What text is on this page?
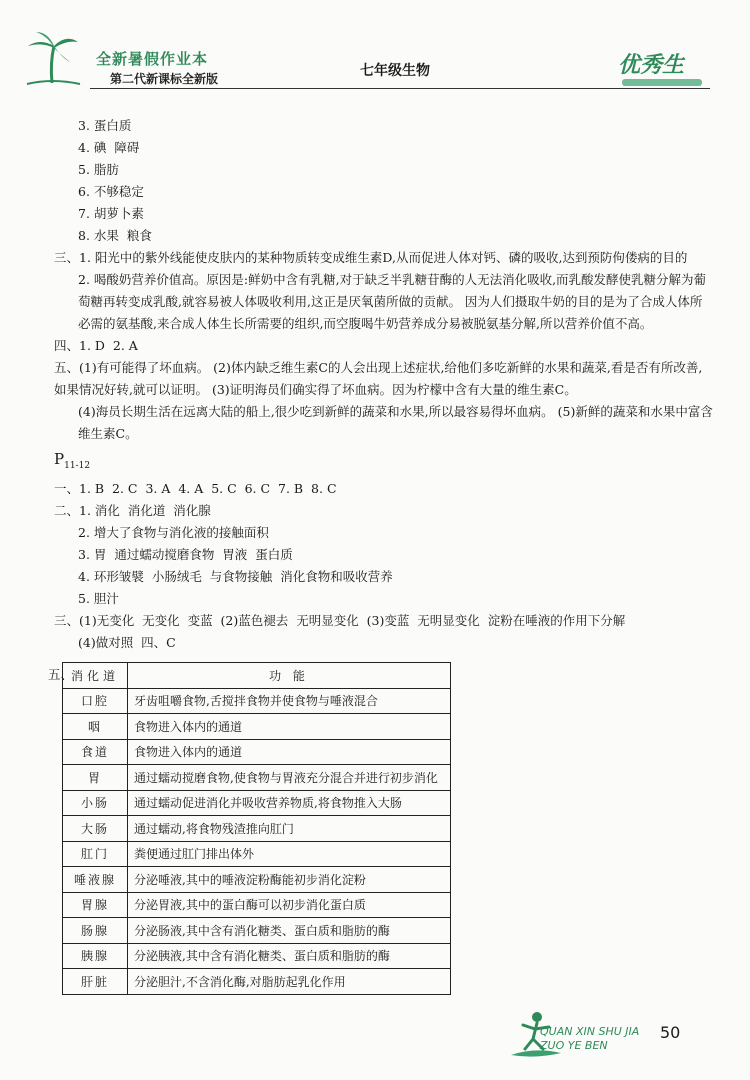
全新暑假作业本
第二代新课标全新版	七年级生物	优秀生
3. 蛋白质
4. 碘  障碍
5. 脂肪
6. 不够稳定
7. 胡萝卜素
8. 水果  粮食
三、1. 阳光中的紫外线能使皮肤内的某种物质转变成维生素D,从而促进人体对钙、磷的吸收,达到预防佝偻病的目的
2. 喝酸奶营养价值高。原因是:鲜奶中含有乳糖,对于缺乏半乳糖苷酶的人无法消化吸收,而乳酸发酵使乳糖分解为葡萄糖再转变成乳酸,就容易被人体吸收利用,这正是厌氧菌所做的贡献。 因为人们摄取牛奶的目的是为了合成人体所必需的氨基酸,来合成人体生长所需要的组织,而空腹喝牛奶营养成分易被脱氨基分解,所以营养价值不高。
四、1. D  2. A
五、(1)有可能得了坏血病。 (2)体内缺乏维生素C的人会出现上述症状,给他们多吃新鲜的水果和蔬菜,看是否有所改善,如果情况好转,就可以证明。 (3)证明海员们确实得了坏血病。因为柠檬中含有大量的维生素C。
(4)海员长期生活在远离大陆的船上,很少吃到新鲜的蔬菜和水果,所以最容易得坏血病。 (5)新鲜的蔬菜和水果中富含维生素C。
$P_{11-12}$
一、1. B  2. C  3. A  4. A  5. C  6. C  7. B  8. C
二、1. 消化  消化道  消化腺
2. 增大了食物与消化液的接触面积
3. 胃  通过蠕动搅磨食物  胃液  蛋白质
4. 环形皱襞  小肠绒毛  与食物接触  消化食物和吸收营养
5. 胆汁
三、(1)无变化  无变化  变蓝  (2)蓝色褪去  无明显变化  (3)变蓝  无明显变化  淀粉在唾液的作用下分解
(4)做对照  四、C
五、
消化道	功 能
口腔	牙齿咀嚼食物,舌搅拌食物并使食物与唾液混合
咽	食物进入体内的通道
食道	食物进入体内的通道
胃	通过蠕动搅磨食物,使食物与胃液充分混合并进行初步消化
小肠	通过蠕动促进消化并吸收营养物质,将食物推入大肠
大肠	通过蠕动,将食物残渣推向肛门
肛门	粪便通过肛门排出体外
唾液腺	分泌唾液,其中的唾液淀粉酶能初步消化淀粉
胃腺	分泌胃液,其中的蛋白酶可以初步消化蛋白质
肠腺	分泌肠液,其中含有消化糖类、蛋白质和脂肪的酶
胰腺	分泌胰液,其中含有消化糖类、蛋白质和脂肪的酶
肝脏	分泌胆汁,不含消化酶,对脂肪起乳化作用
QUAN XIN SHU JIA
ZUO YE BEN
50
